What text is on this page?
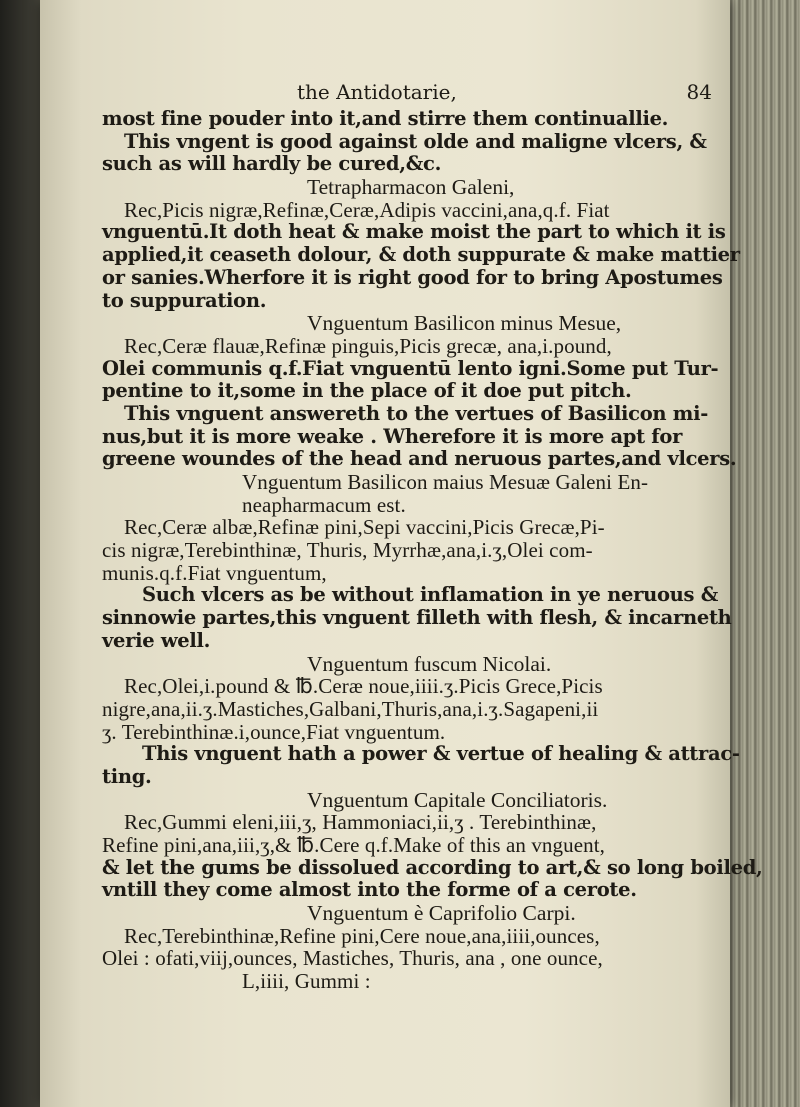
the Antidotarie,	84
most fine pouder into it,and stirre them continuallie.
This vngent is good against olde and maligne vlcers, &
such as will hardly be cured,&c.
Tetrapharmacon Galeni,
Rec,Picis nigræ,Refinæ,Ceræ,Adipis vaccini,ana,q.f. Fiat
vnguentū.It doth heat & make moist the part to which it is
applied,it ceaseth dolour, & doth suppurate & make mattier
or sanies.Wherfore it is right good for to bring Apostumes
to suppuration.
Vnguentum Basilicon minus Mesue,
Rec,Ceræ flauæ,Refinæ pinguis,Picis grecæ, ana,i.pound,
Olei communis q.f.Fiat vnguentū lento igni.Some put Tur-
pentine to it,some in the place of it doe put pitch.
This vnguent answereth to the vertues of Basilicon mi-
nus,but it is more weake . Wherefore it is more apt for
greene woundes of the head and neruous partes,and vlcers.
Vnguentum Basilicon maius Mesuæ Galeni En-
neapharmacum est.
Rec,Ceræ albæ,Refinæ pini,Sepi vaccini,Picis Grecæ,Pi-
cis nigræ,Terebinthinæ, Thuris, Myrrhæ,ana,i.ʒ,Olei com-
munis.q.f.Fiat vnguentum,
Such vlcers as be without inflamation in ye neruous &
sinnowie partes,this vnguent filleth with flesh, & incarneth
verie well.
Vnguentum fuscum Nicolai.
Rec,Olei,i.pound & ℔.Ceræ noue,iiii.ʒ.Picis Grece,Picis
nigre,ana,ii.ʒ.Mastiches,Galbani,Thuris,ana,i.ʒ.Sagapeni,ii
ʒ. Terebinthinæ.i,ounce,Fiat vnguentum.
This vnguent hath a power & vertue of healing & attrac-
ting.
Vnguentum Capitale Conciliatoris.
Rec,Gummi eleni,iii,ʒ, Hammoniaci,ii,ʒ . Terebinthinæ,
Refine pini,ana,iii,ʒ,& ℔.Cere q.f.Make of this an vnguent,
& let the gums be dissolued according to art,& so long boiled,
vntill they come almost into the forme of a cerote.
Vnguentum è Caprifolio Carpi.
Rec,Terebinthinæ,Refine pini,Cere noue,ana,iiii,ounces,
Olei : ofati,viij,ounces, Mastiches, Thuris, ana , one ounce,
L,iiii, Gummi :
